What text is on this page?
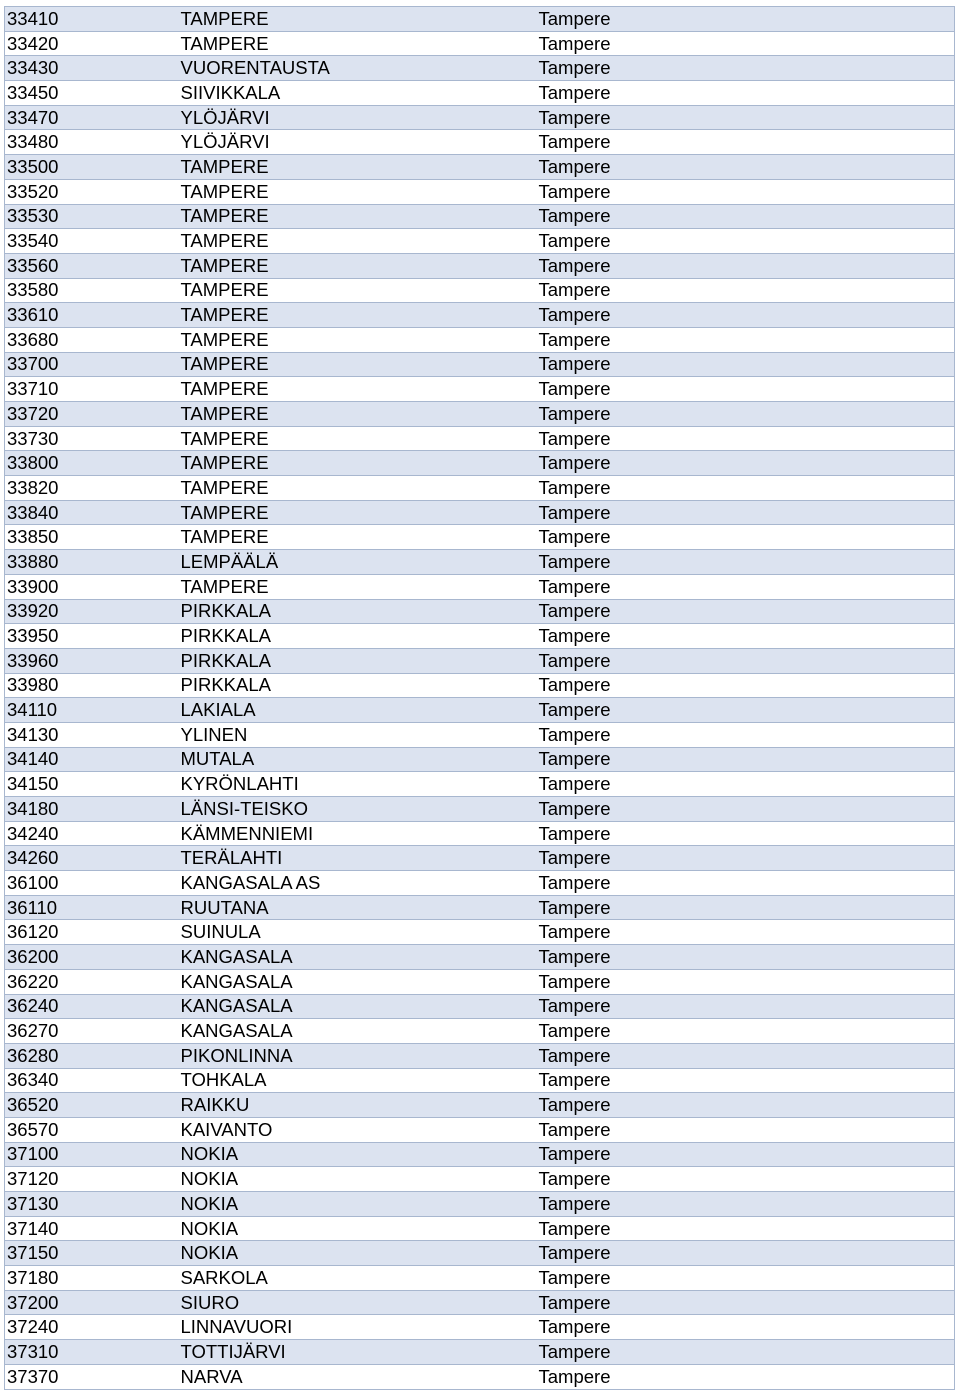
33410	TAMPERE	Tampere
33420	TAMPERE	Tampere
33430	VUORENTAUSTA	Tampere
33450	SIIVIKKALA	Tampere
33470	YLÖJÄRVI	Tampere
33480	YLÖJÄRVI	Tampere
33500	TAMPERE	Tampere
33520	TAMPERE	Tampere
33530	TAMPERE	Tampere
33540	TAMPERE	Tampere
33560	TAMPERE	Tampere
33580	TAMPERE	Tampere
33610	TAMPERE	Tampere
33680	TAMPERE	Tampere
33700	TAMPERE	Tampere
33710	TAMPERE	Tampere
33720	TAMPERE	Tampere
33730	TAMPERE	Tampere
33800	TAMPERE	Tampere
33820	TAMPERE	Tampere
33840	TAMPERE	Tampere
33850	TAMPERE	Tampere
33880	LEMPÄÄLÄ	Tampere
33900	TAMPERE	Tampere
33920	PIRKKALA	Tampere
33950	PIRKKALA	Tampere
33960	PIRKKALA	Tampere
33980	PIRKKALA	Tampere
34110	LAKIALA	Tampere
34130	YLINEN	Tampere
34140	MUTALA	Tampere
34150	KYRÖNLAHTI	Tampere
34180	LÄNSI-TEISKO	Tampere
34240	KÄMMENNIEMI	Tampere
34260	TERÄLAHTI	Tampere
36100	KANGASALA AS	Tampere
36110	RUUTANA	Tampere
36120	SUINULA	Tampere
36200	KANGASALA	Tampere
36220	KANGASALA	Tampere
36240	KANGASALA	Tampere
36270	KANGASALA	Tampere
36280	PIKONLINNA	Tampere
36340	TOHKALA	Tampere
36520	RAIKKU	Tampere
36570	KAIVANTO	Tampere
37100	NOKIA	Tampere
37120	NOKIA	Tampere
37130	NOKIA	Tampere
37140	NOKIA	Tampere
37150	NOKIA	Tampere
37180	SARKOLA	Tampere
37200	SIURO	Tampere
37240	LINNAVUORI	Tampere
37310	TOTTIJÄRVI	Tampere
37370	NARVA	Tampere
